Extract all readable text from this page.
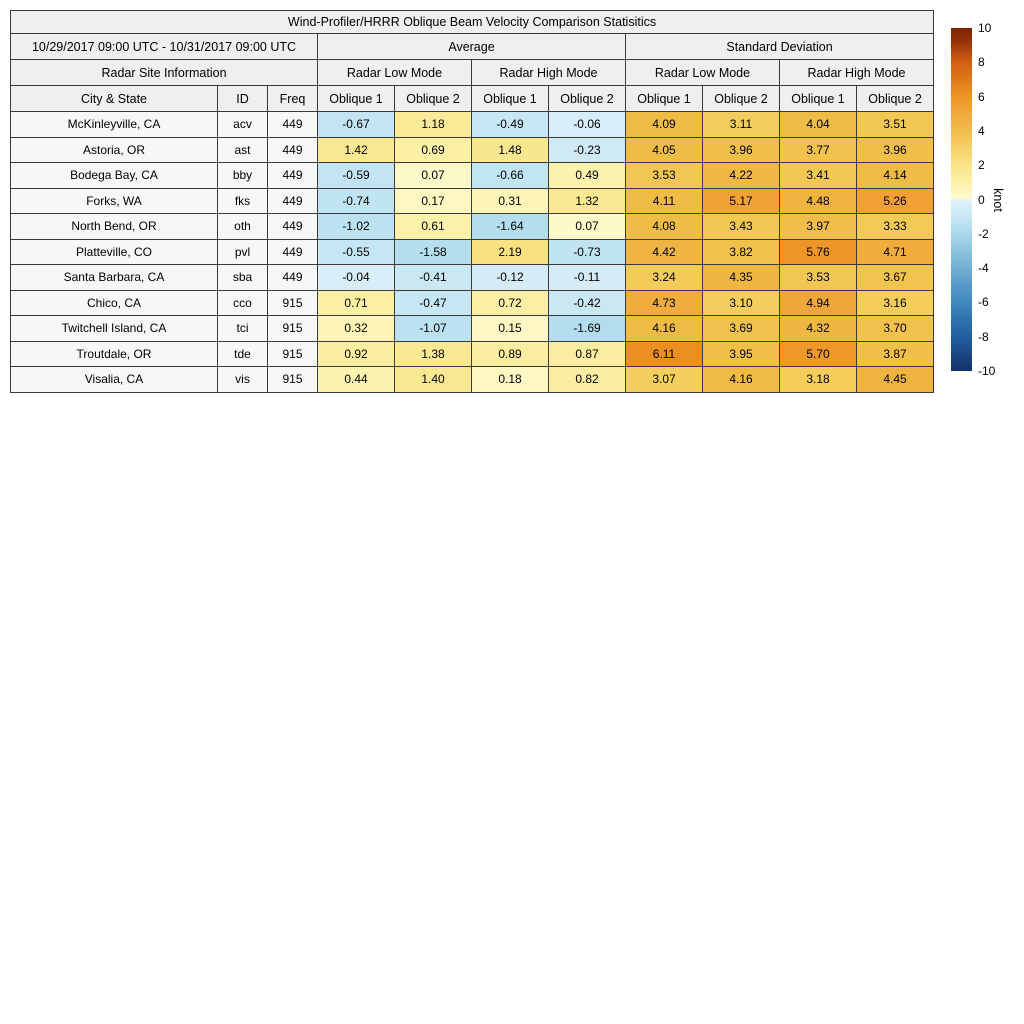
Wind-Profiler/HRRR Oblique Beam Velocity Comparison Statisitics										
10/29/2017 09:00 UTC - 10/31/2017 09:00 UTC			Average				Standard Deviation			
Radar Site Information			Radar Low Mode		Radar High Mode		Radar Low Mode		Radar High Mode	
City & State	ID	Freq	Oblique 1	Oblique 2	Oblique 1	Oblique 2	Oblique 1	Oblique 2	Oblique 1	Oblique 2
McKinleyville, CA	acv	449	-0.67	1.18	-0.49	-0.06	4.09	3.11	4.04	3.51
Astoria, OR	ast	449	1.42	0.69	1.48	-0.23	4.05	3.96	3.77	3.96
Bodega Bay, CA	bby	449	-0.59	0.07	-0.66	0.49	3.53	4.22	3.41	4.14
Forks, WA	fks	449	-0.74	0.17	0.31	1.32	4.11	5.17	4.48	5.26
North Bend, OR	oth	449	-1.02	0.61	-1.64	0.07	4.08	3.43	3.97	3.33
Platteville, CO	pvl	449	-0.55	-1.58	2.19	-0.73	4.42	3.82	5.76	4.71
Santa Barbara, CA	sba	449	-0.04	-0.41	-0.12	-0.11	3.24	4.35	3.53	3.67
Chico, CA	cco	915	0.71	-0.47	0.72	-0.42	4.73	3.10	4.94	3.16
Twitchell Island, CA	tci	915	0.32	-1.07	0.15	-1.69	4.16	3.69	4.32	3.70
Troutdale, OR	tde	915	0.92	1.38	0.89	0.87	6.11	3.95	5.70	3.87
Visalia, CA	vis	915	0.44	1.40	0.18	0.82	3.07	4.16	3.18	4.45
10
8
6
4
2
0
-2
-4
-6
-8
-10
knot
